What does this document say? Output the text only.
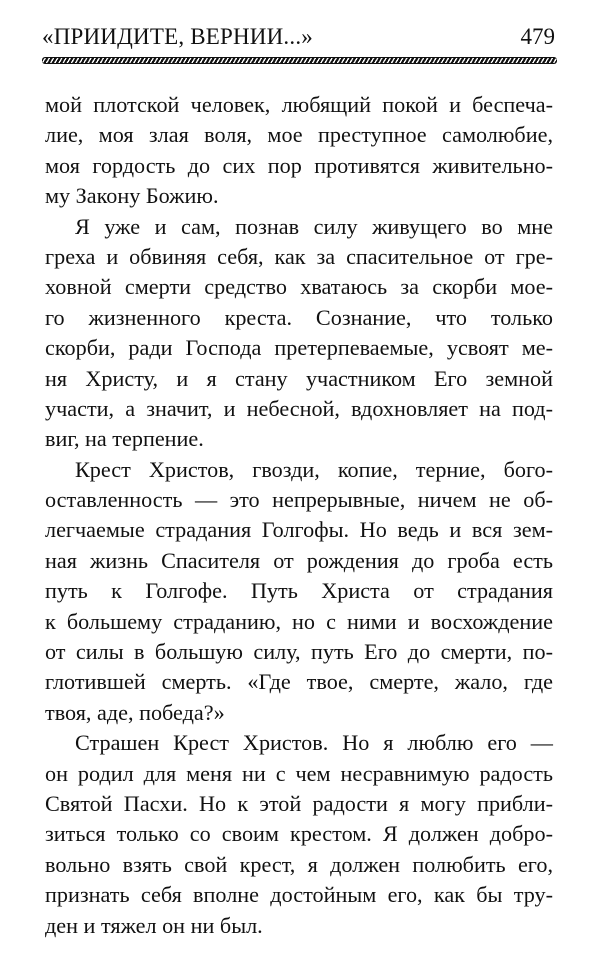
«ПРИИДИТЕ, ВЕРНИИ...»	479
мой плотской человек, любящий покой и беспеча-
лие, моя злая воля, мое преступное самолюбие,
моя гордость до сих пор противятся живительно-
му Закону Божию.
Я уже и сам, познав силу живущего во мне
греха и обвиняя себя, как за спасительное от гре-
ховной смерти средство хватаюсь за скорби мое-
го жизненного креста. Сознание, что только
скорби, ради Господа претерпеваемые, усвоят ме-
ня Христу, и я стану участником Его земной
участи, а значит, и небесной, вдохновляет на под-
виг, на терпение.
Крест Христов, гвозди, копие, терние, бого-
оставленность — это непрерывные, ничем не об-
легчаемые страдания Голгофы. Но ведь и вся зем-
ная жизнь Спасителя от рождения до гроба есть
путь к Голгофе. Путь Христа от страдания
к большему страданию, но с ними и восхождение
от силы в большую силу, путь Его до смерти, по-
глотившей смерть. «Где твое, смерте, жало, где
твоя, аде, победа?»
Страшен Крест Христов. Но я люблю его —
он родил для меня ни с чем несравнимую радость
Святой Пасхи. Но к этой радости я могу прибли-
зиться только со своим крестом. Я должен добро-
вольно взять свой крест, я должен полюбить его,
признать себя вполне достойным его, как бы тру-
ден и тяжел он ни был.
